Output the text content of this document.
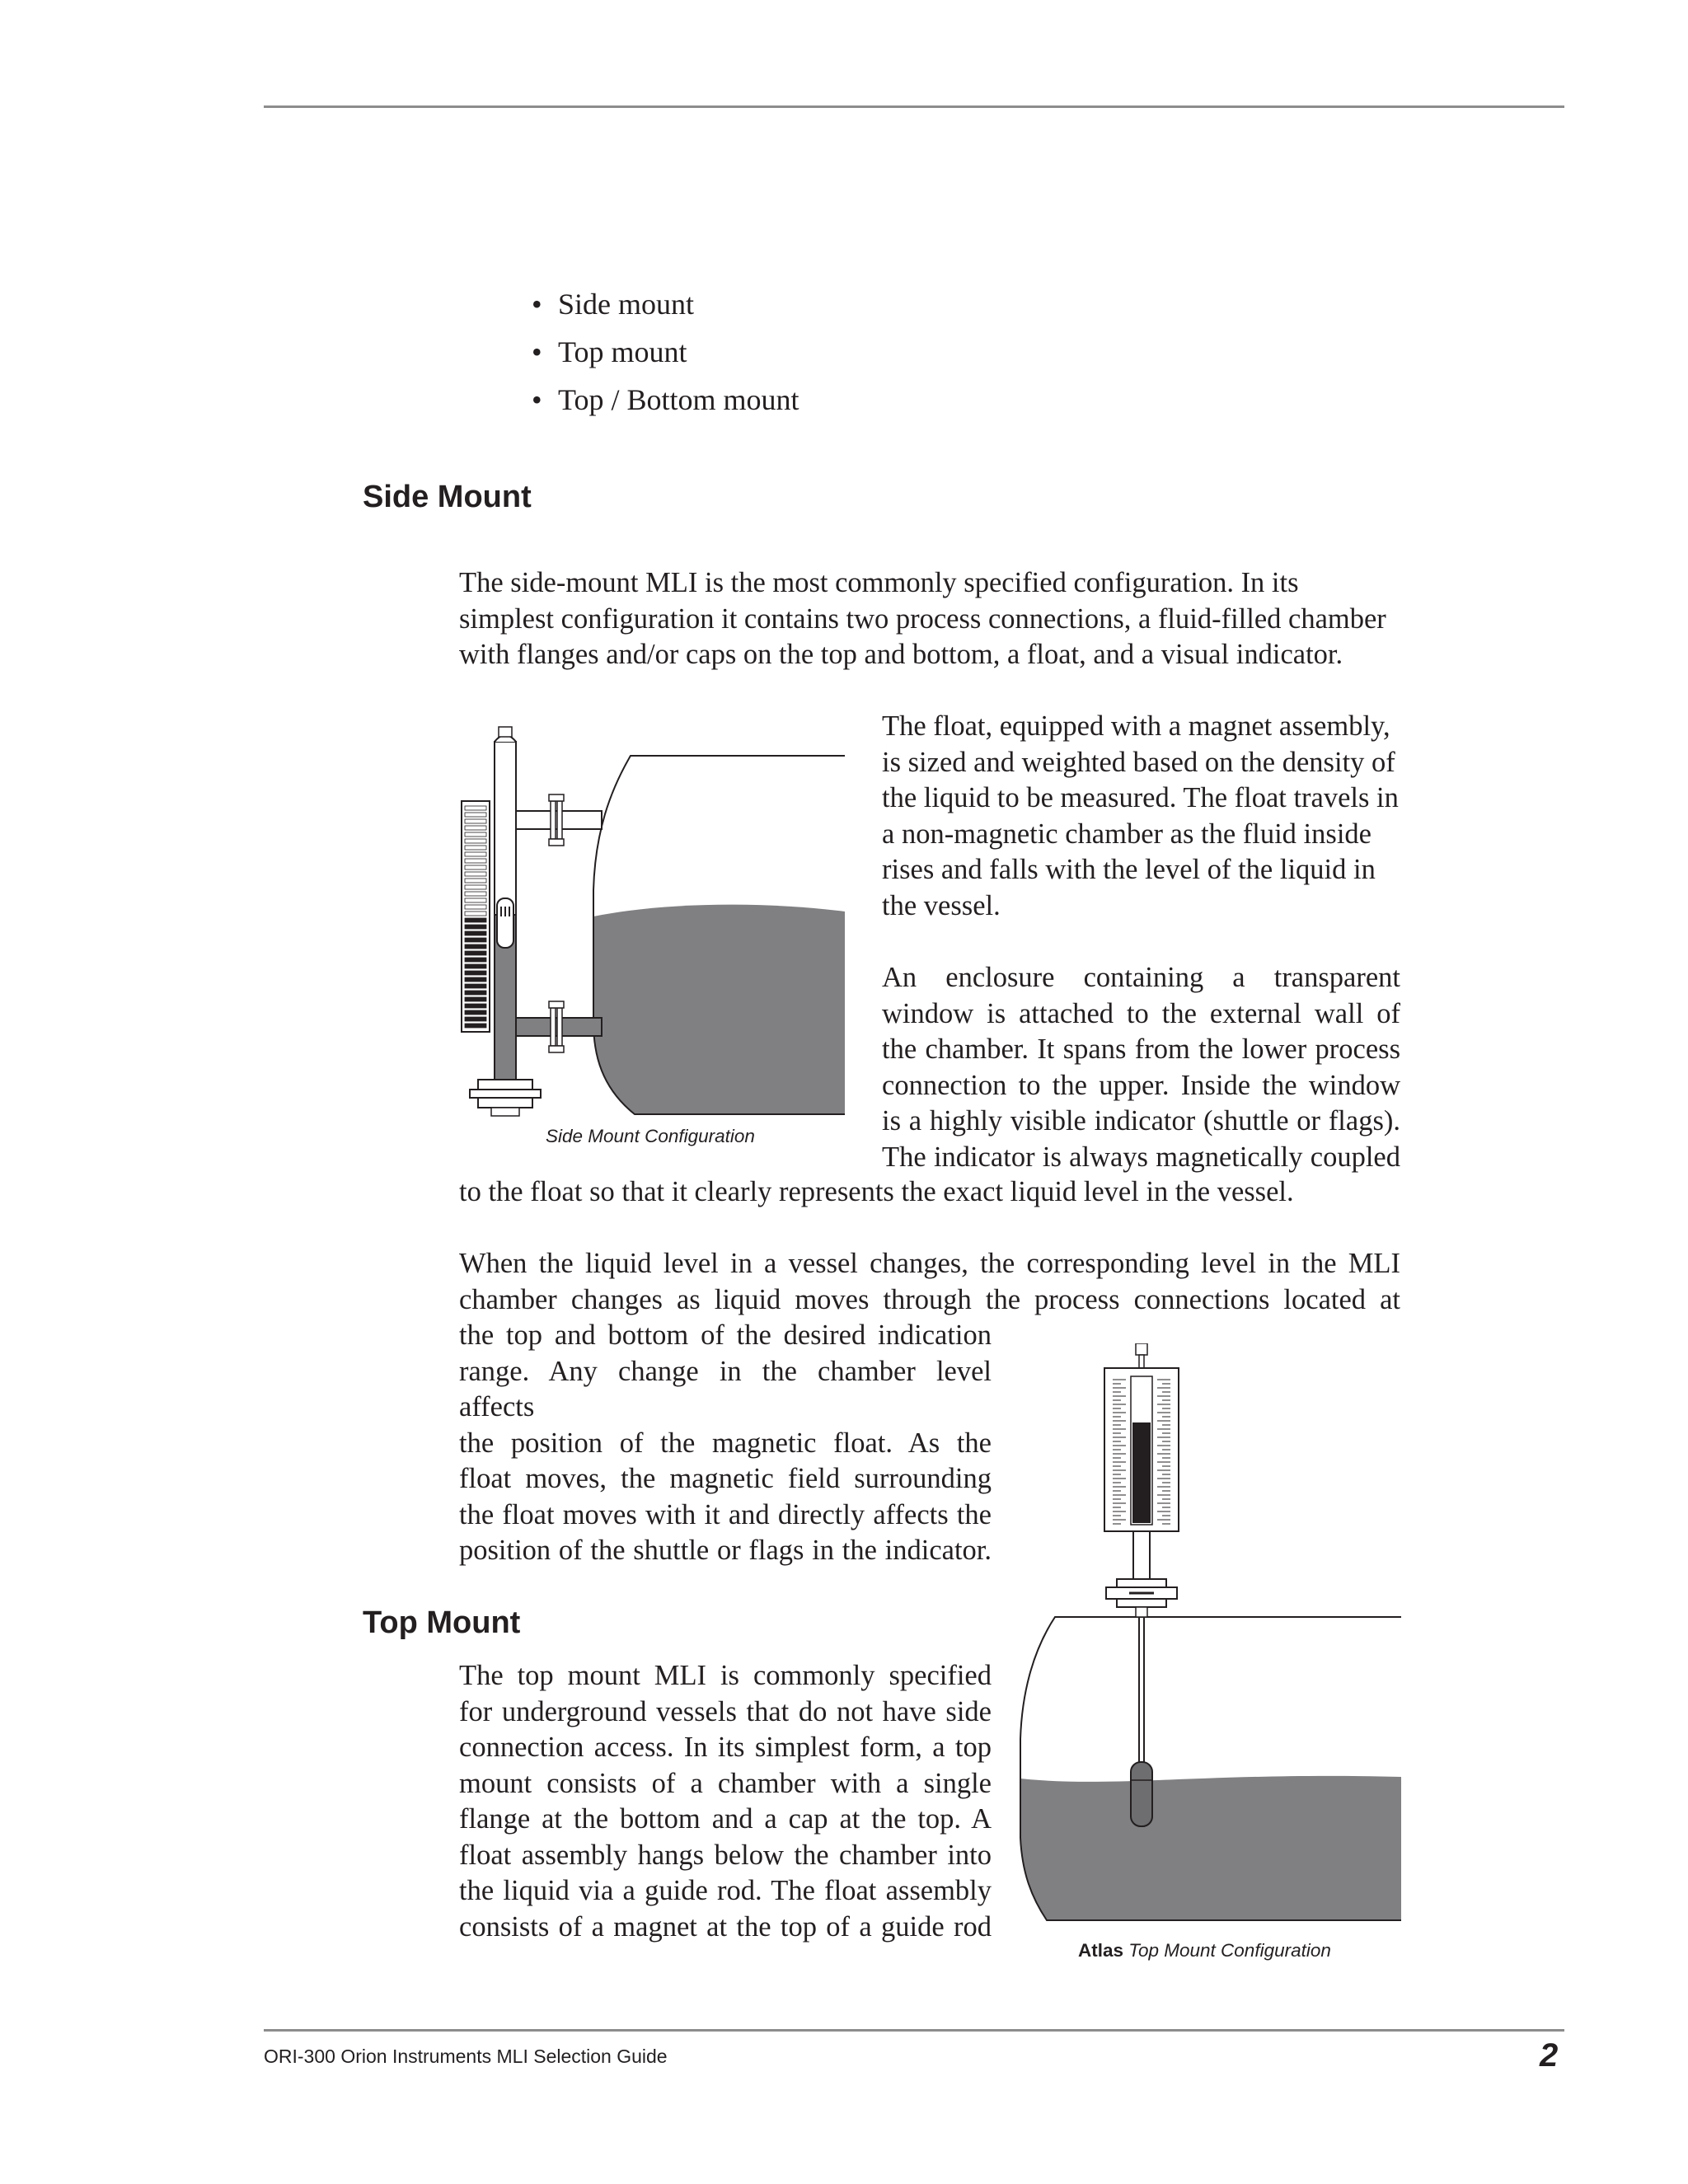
• Side mount
• Top mount
• Top / Bottom mount
Side Mount

The side-mount MLI is the most commonly specified configuration. In its
simplest configuration it contains two process connections, a fluid-filled chamber
with flanges and/or caps on the top and bottom, a float, and a visual indicator.

Side Mount Configuration

The float, equipped with a magnet assembly,
is sized and weighted based on the density of
the liquid to be measured. The float travels in
a non-magnetic chamber as the fluid inside
rises and falls with the level of the liquid in
the vessel.

An enclosure containing a transparent
window is attached to the external wall of
the chamber. It spans from the lower process
connection to the upper. Inside the window
is a highly visible indicator (shuttle or flags).
The indicator is always magnetically coupled

to the float so that it clearly represents the exact liquid level in the vessel.

When the liquid level in a vessel changes, the corresponding level in the MLI
chamber changes as liquid moves through the process connections located at

the top and bottom of the desired indication
range. Any change in the chamber level affects
the position of the magnetic float. As the
float moves, the magnetic field surrounding
the float moves with it and directly affects the
position of the shuttle or flags in the indicator.

Top Mount

The top mount MLI is commonly specified
for underground vessels that do not have side
connection access. In its simplest form, a top
mount consists of a chamber with a single
flange at the bottom and a cap at the top. A
float assembly hangs below the chamber into
the liquid via a guide rod. The float assembly
consists of a magnet at the top of a guide rod

Atlas Top Mount Configuration
ORI-300 Orion Instruments MLI Selection Guide	2
